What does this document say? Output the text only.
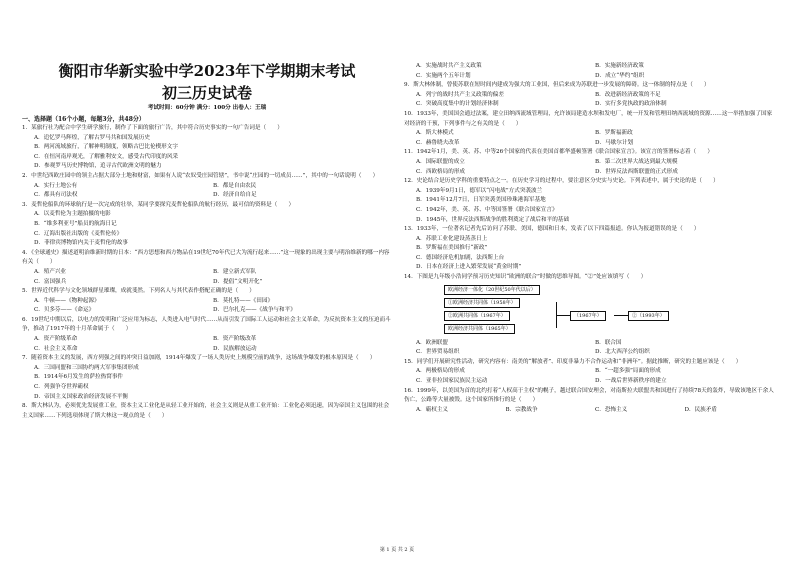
衡阳市华新实验中学2023年下学期期末考试
初三历史试卷
考试时间：60分钟 满分：100分 出卷人：王瑞
一、选择题（16个小题，每题3分，共48分）
1．某旅行社为配合中学生研学旅行，制作了下面的旅行广告，其中符合历史事实的一句广告词是（　　）
A．追忆罗马辉煌，了解古罗马共和国发展历史
B．两河流域旅行，了解神明制度，领略古巴比伦楔形文字
C．在恒河南岸观光，了解雅利安文，感受古代印度的风采
D．参观罗马历史博物馆，追寻古代欧洲文明的魅力
2．中世纪西欧庄园中的领主占据大部分土地和财富，如果有人说“农奴受庄园管辖”，书中说“庄园的一切成员……”，其中的一句话说明（　　）
A．实行土地公有	B．都是自由农民
C．都具有司法权	D．经济自给自足
3．麦哲伦船队的环球航行是一次完成的壮举，某同学要探究麦哲伦船队的航行经历，最可信的资料是（　　）
A．以麦哲伦为主题拍摄的电影
B．“维多利亚号”船员的航海日记
C．辽海出版社出版的《麦哲伦传》
D．菲律宾博物馆内关于麦哲伦的故事
4．《全球通史》描述道明治维新时期的日本：“西方思想和西方物品在19世纪70年代已大为流行起来……”这一现象的出现主要与明治维新的哪一内容有关（　　）
A．殖产兴业	B．建立新式军队
C．富国强兵	D．提倡“文明开化”
5．世界近代科学与文化领域群星璀璨，成就斐然。下列名人与其代表作搭配正确的是（　　）
A．牛顿——《物种起源》	B．莫扎特——《田园》
C．贝多芬——《命运》	D．巴尔扎克——《战争与和平》
6．19世纪中期以后，以电力的发明和广泛应用为标志，人类进入电气时代……从而引发了国际工人运动和社会主义革命，为反抗资本主义的压迫而斗争，推动了1917年的十月革命属于（　　）
A．资产阶级革命	B．资产阶级改革
C．社会主义革命	D．民族解放运动
7．随着资本主义的发展，西方列强之间的冲突日益加剧，1914年爆发了一场人类历史上规模空前的战争，这场战争爆发的根本原因是（　　）
A．三国同盟和三国协约两大军事集团形成
B．1914年6月发生的萨拉热窝事件
C．列强争夺世界霸权
D．帝国主义国家政治经济发展不平衡
8．斯大林认为，必须优先发展重工业，资本主义工业化是从轻工业开始的，社会主义则是从重工业开始：工业化必须迅速，因为帝国主义包围的社会主义国家……下列选项体现了斯大林这一观点的是（　　）
A．实施战时共产主义政策	B．实施新经济政策
C．实施两个五年计划	D．成立“华约”组织
9．斯大林体制，曾使苏联在短时间内建成为强大的工业国，但后来成为苏联进一步发展的障碍。这一体制的特点是（　　）
A．列宁的战时共产主义政策的偏差	B．改进新经济政策的不足
C．突破高度集中的计划经济体制	D．实行多党执政的政治体制
10．1933年，美国国会通过法案，建立田纳西流域管理局，允许该局建造水坝和发电厂，统一开发和管理田纳西流域的资源……这一举措加强了国家对经济的干预，下列事件与之有关的是（　　）
A．斯大林模式	B．罗斯福新政
C．赫鲁晓夫改革	D．马歇尔计划
11．1942年1月，美、英、苏、中等26个国家的代表在美国首都华盛顿签署《联合国家宣言》。该宣言的签署标志着（　　）
A．国际联盟的成立	B．第二次世界大战达到最大规模
C．西欧格局的形成	D．世界反法西斯联盟的正式形成
12．史论结合是历史学科的重要特点之一。在历史学习的过程中，要注意区分史实与史论。下列表述中，属于史论的是（　　）
A．1939年9月1日，德军以“闪电战”方式突袭波兰
B．1941年12月7日，日军突袭美国珍珠港海军基地
C．1942年，美、英、苏、中等国签署《联合国家宣言》
D．1945年，世界反法西斯战争的胜利奠定了战后和平的基础
13．1933年，一位著名记者先后访问了苏联、美国，德国和日本，发表了以下四篇报道。你认为报道错误的是（　　）
A．苏联工业化建设蒸蒸日上
B．罗斯福在美国推行“新政”
C．德国经济危机加剧，法西斯上台
D．日本在经济上进入繁荣发展“黄金时期”
14．下图是九年级小浩同学预习历史知识“欧洲的联合”时做的思维导图。“②”处应该填写（　　）
欧洲经济一体化（20世纪50年代以后）
①欧洲经济共同体（1958年）
②欧洲共同体（1967年）
欧洲经济共同体（1965年）
（1967年）	②（1993年）
A．欧洲联盟	B．联合国
C．世界贸易组织	D．北大西洋公约组织
15．同学们开展研究性活动，研究内容有：南美的“解放者”、印度非暴力不合作运动和“非洲年”。据此推断，研究的主题应该是（　　）
A．两极格局的形成	B．“一超多强”局面的形成
C．亚非拉国家民族民主运动	D．一战后世界新秩序的建立
16．1999年，以美国为首的北约打着“人权高于主权”的幌子，越过联合国安理会，对南斯拉夫联盟共和国进行了持续78天的轰炸，导致该地区千余人伤亡，公路等大量被毁。这个国家所推行的是（　　）
A．霸权主义	B．宗教战争	C．恐怖主义	D．民族矛盾
第 1 页 共 2 页
